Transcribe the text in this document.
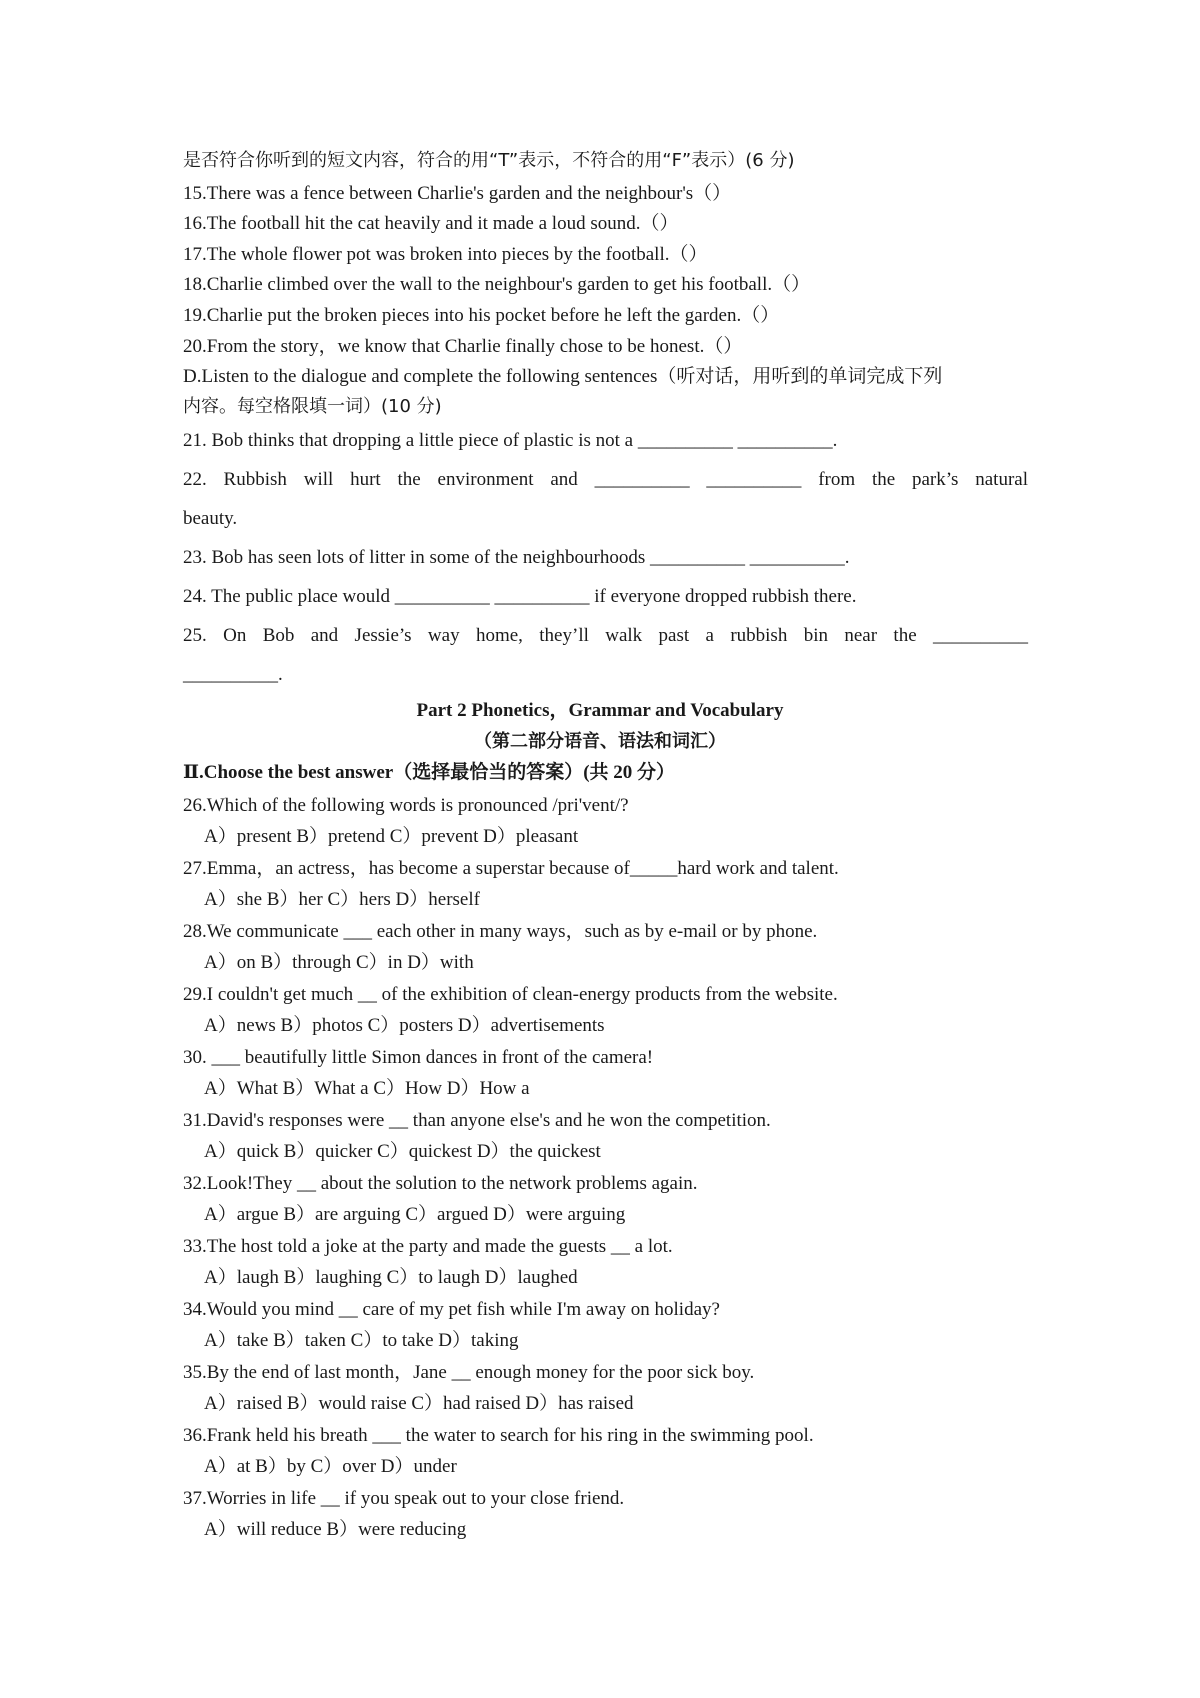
是否符合你听到的短文内容，符合的用“T”表示，不符合的用“F”表示）(6 分)
15.There was a fence between Charlie's garden and the neighbour's（）
16.The football hit the cat heavily and it made a loud sound.（）
17.The whole flower pot was broken into pieces by the football.（）
18.Charlie climbed over the wall to the neighbour's garden to get his football.（）
19.Charlie put the broken pieces into his pocket before he left the garden.（）
20.From the story，we know that Charlie finally chose to be honest.（）
D.Listen to the dialogue and complete the following sentences（听对话，用听到的单词完成下列
内容。每空格限填一词）(10 分)
21. Bob thinks that dropping a little piece of plastic is not a __________ __________.
22. Rubbish will hurt the environment and __________ __________ from the park’s natural
beauty.
23. Bob has seen lots of litter in some of the neighbourhoods __________ __________.
24. The public place would __________ __________ if everyone dropped rubbish there.
25. On Bob and Jessie’s way home, they’ll walk past a rubbish bin near the __________
__________.
Part 2 Phonetics，Grammar and Vocabulary
（第二部分语音、语法和词汇）
Ⅱ.Choose the best answer（选择最恰当的答案）(共 20 分）
26.Which of the following words is pronounced /pri'vent/?
A）present B）pretend C）prevent D）pleasant
27.Emma，an actress，has become a superstar because of_____hard work and talent.
A）she B）her C）hers D）herself
28.We communicate ___ each other in many ways，such as by e-mail or by phone.
A）on B）through C）in D）with
29.I couldn't get much __ of the exhibition of clean-energy products from the website.
A）news B）photos C）posters D）advertisements
30. ___ beautifully little Simon dances in front of the camera!
A）What B）What a C）How D）How a
31.David's responses were __ than anyone else's and he won the competition.
A）quick B）quicker C）quickest D）the quickest
32.Look!They __ about the solution to the network problems again.
A）argue B）are arguing C）argued D）were arguing
33.The host told a joke at the party and made the guests __ a lot.
A）laugh B）laughing C）to laugh D）laughed
34.Would you mind __ care of my pet fish while I'm away on holiday?
A）take B）taken C）to take D）taking
35.By the end of last month，Jane __ enough money for the poor sick boy.
A）raised B）would raise C）had raised D）has raised
36.Frank held his breath ___ the water to search for his ring in the swimming pool.
A）at B）by C）over D）under
37.Worries in life __ if you speak out to your close friend.
A）will reduce B）were reducing
